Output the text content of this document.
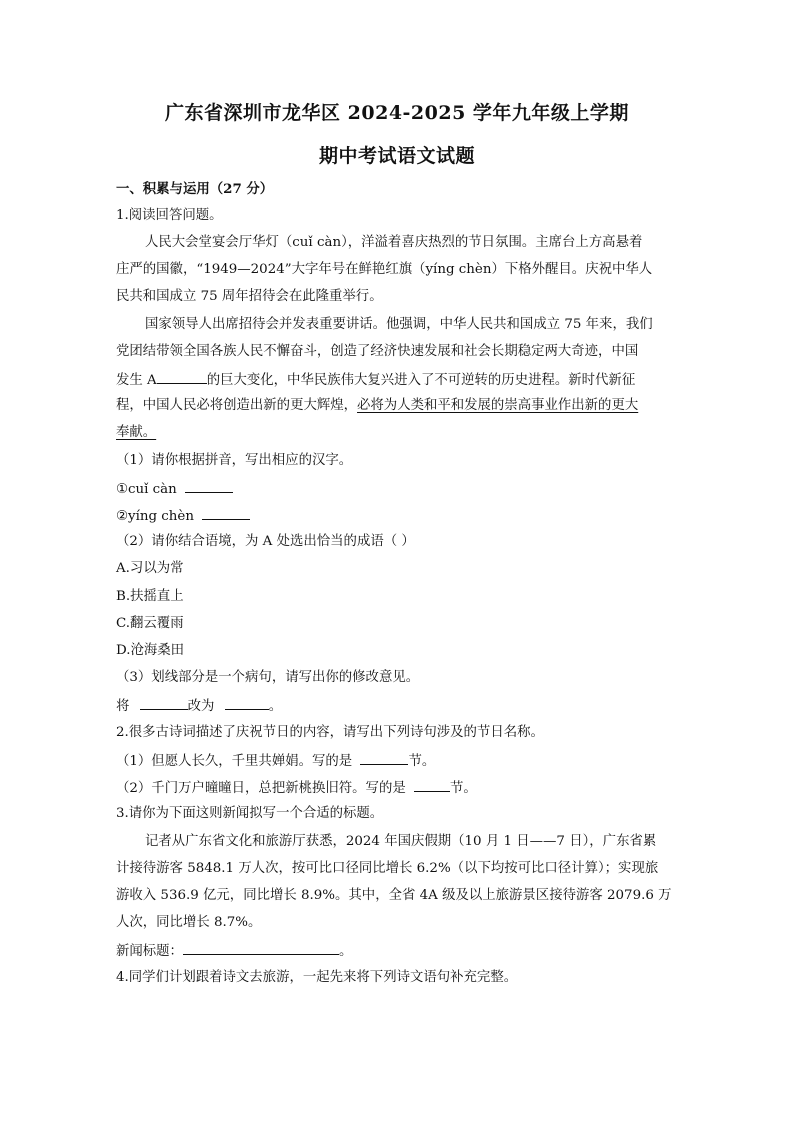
广东省深圳市龙华区 2024-2025 学年九年级上学期
期中考试语文试题
一、积累与运用（27 分）
1.阅读回答问题。
人民大会堂宴会厅华灯（cuǐ càn），洋溢着喜庆热烈的节日氛围。主席台上方高悬着
庄严的国徽，“1949—2024”大字年号在鲜艳红旗（yíng chèn）下格外醒目。庆祝中华人
民共和国成立 75 周年招待会在此隆重举行。
国家领导人出席招待会并发表重要讲话。他强调，中华人民共和国成立 75 年来，我们
党团结带领全国各族人民不懈奋斗，创造了经济快速发展和社会长期稳定两大奇迹，中国
发生 A	的巨大变化，中华民族伟大复兴进入了不可逆转的历史进程。新时代新征
程，中国人民必将创造出新的更大辉煌，必将为人类和平和发展的崇高事业作出新的更大
奉献。
（1）请你根据拼音，写出相应的汉字。
①cuǐ càn
②yíng chèn
（2）请你结合语境，为 A 处选出恰当的成语（ ）
A.习以为常
B.扶摇直上
C.翻云覆雨
D.沧海桑田
（3）划线部分是一个病句，请写出你的修改意见。
将	改为	。
2.很多古诗词描述了庆祝节日的内容，请写出下列诗句涉及的节日名称。
（1）但愿人长久，千里共婵娟。写的是	节。
（2）千门万户曈曈日，总把新桃换旧符。写的是	节。
3.请你为下面这则新闻拟写一个合适的标题。
记者从广东省文化和旅游厅获悉，2024 年国庆假期（10 月 1 日——7 日），广东省累
计接待游客 5848.1 万人次，按可比口径同比增长 6.2%（以下均按可比口径计算）；实现旅
游收入 536.9 亿元，同比增长 8.9%。其中，全省 4A 级及以上旅游景区接待游客 2079.6 万
人次，同比增长 8.7%。
新闻标题：	。
4.同学们计划跟着诗文去旅游，一起先来将下列诗文语句补充完整。
